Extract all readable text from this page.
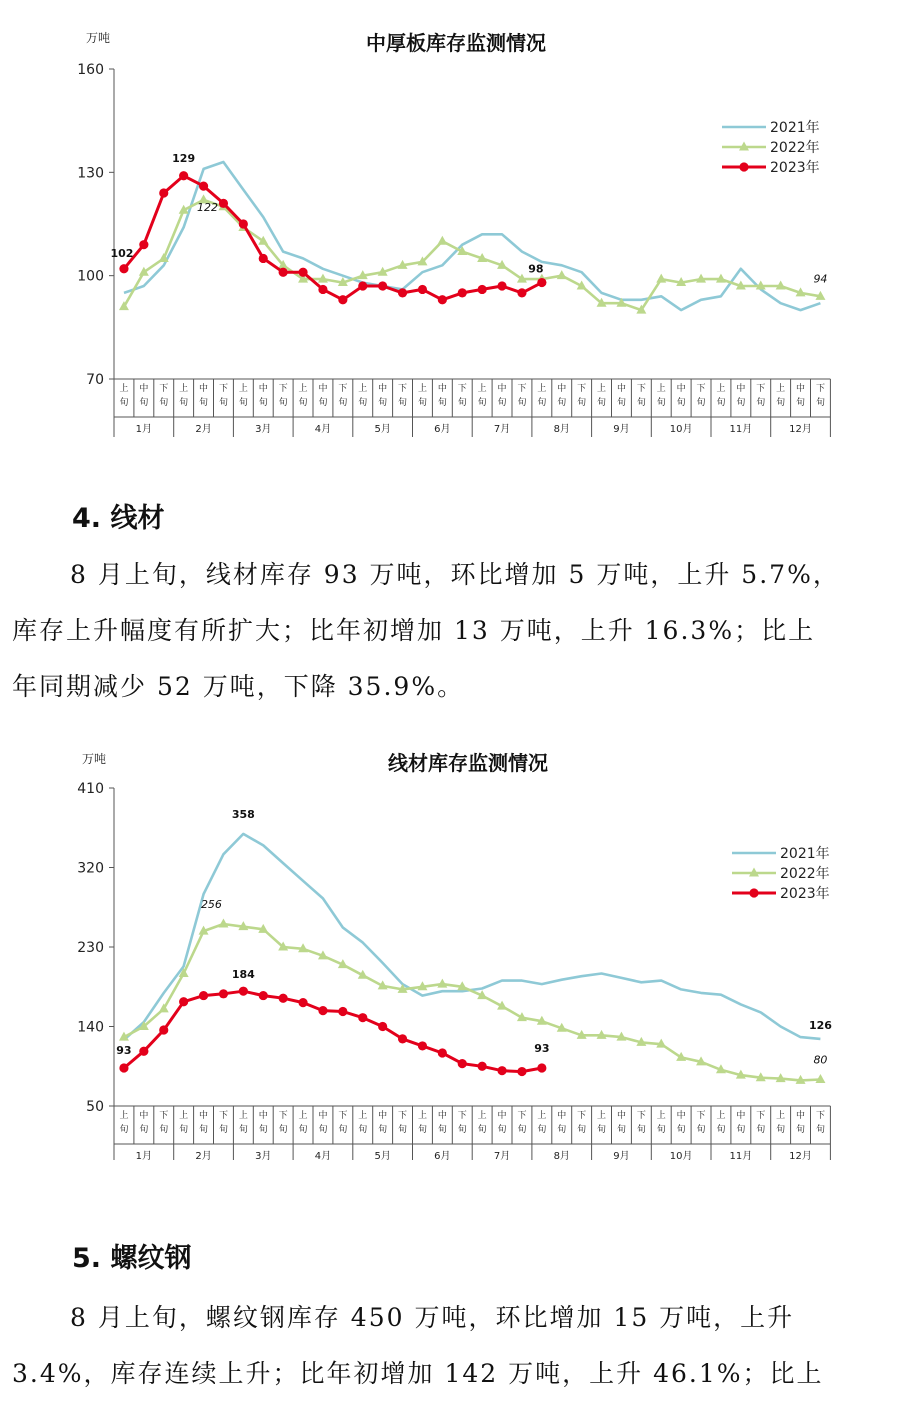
中厚板库存监测情况
万吨
70
100
130
160
上
旬
中
旬
下
旬
上
旬
中
旬
下
旬
上
旬
中
旬
下
旬
上
旬
中
旬
下
旬
上
旬
中
旬
下
旬
上
旬
中
旬
下
旬
上
旬
中
旬
下
旬
上
旬
中
旬
下
旬
上
旬
中
旬
下
旬
上
旬
中
旬
下
旬
上
旬
中
旬
下
旬
上
旬
中
旬
下
旬
1月	2月	3月	4月	5月	6月	7月	8月	9月	10月	11月	12月
102
129
122
98
94
2021年
2022年
2023年
4. 线材
8 月上旬，线材库存 93 万吨，环比增加 5 万吨，上升 5.7%，
库存上升幅度有所扩大；比年初增加 13 万吨，上升 16.3%；比上
年同期减少 52 万吨，下降 35.9%。
线材库存监测情况
万吨
50
140
230
320
410
上
旬
中
旬
下
旬
上
旬
中
旬
下
旬
上
旬
中
旬
下
旬
上
旬
中
旬
下
旬
上
旬
中
旬
下
旬
上
旬
中
旬
下
旬
上
旬
中
旬
下
旬
上
旬
中
旬
下
旬
上
旬
中
旬
下
旬
上
旬
中
旬
下
旬
上
旬
中
旬
下
旬
上
旬
中
旬
下
旬
1月	2月	3月	4月	5月	6月	7月	8月	9月	10月	11月	12月
358
256
184
93	93
126
80
2021年
2022年
2023年
5. 螺纹钢
8 月上旬，螺纹钢库存 450 万吨，环比增加 15 万吨，上升
3.4%，库存连续上升；比年初增加 142 万吨，上升 46.1%；比上
